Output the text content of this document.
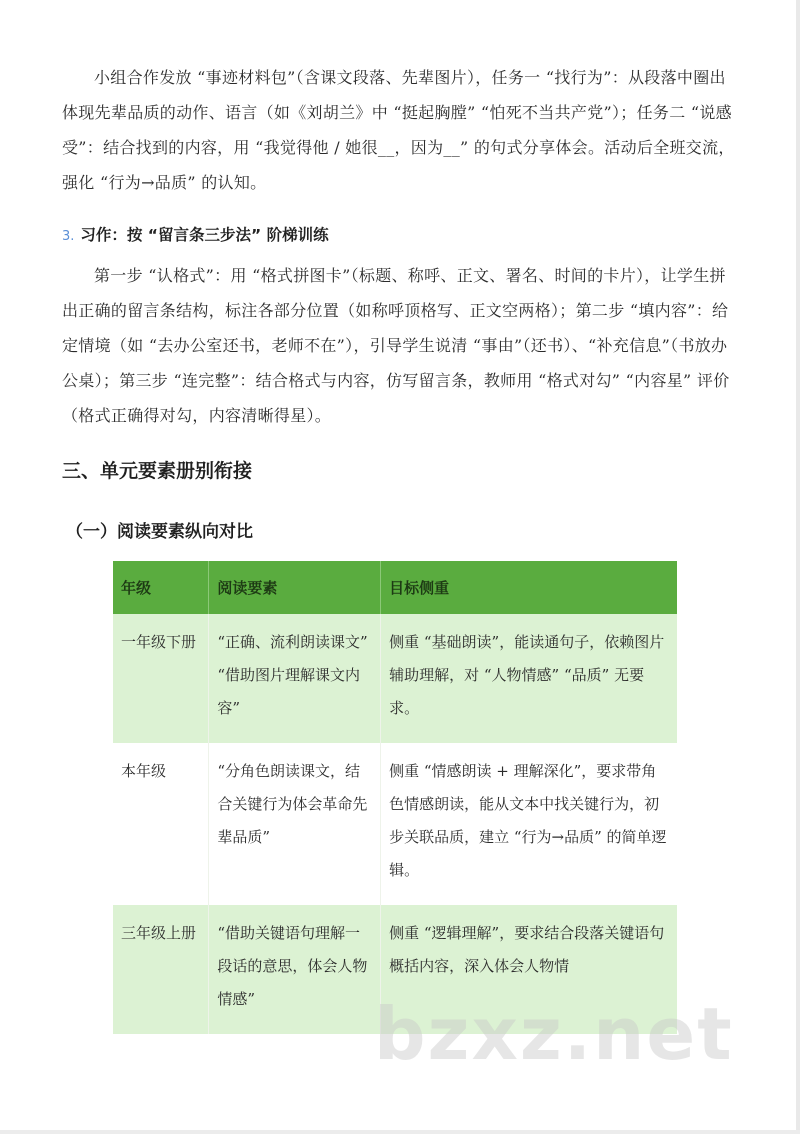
小组合作发放 “事迹材料包”（含课文段落、先辈图片），任务一 “找行为”：从段落中圈出体现先辈品质的动作、语言（如《刘胡兰》中 “挺起胸膛” “怕死不当共产党”）；任务二 “说感受”：结合找到的内容，用 “我觉得他 / 她很__，因为__” 的句式分享体会。活动后全班交流，强化 “行为→品质” 的认知。

3. 习作：按 “留言条三步法” 阶梯训练

第一步 “认格式”：用 “格式拼图卡”（标题、称呼、正文、署名、时间的卡片），让学生拼出正确的留言条结构，标注各部分位置（如称呼顶格写、正文空两格）；第二步 “填内容”：给定情境（如 “去办公室还书，老师不在”），引导学生说清 “事由”（还书）、“补充信息”（书放办公桌）；第三步 “连完整”：结合格式与内容，仿写留言条，教师用 “格式对勾” “内容星” 评价（格式正确得对勾，内容清晰得星）。

三、单元要素册别衔接
（一）阅读要素纵向对比
年级	阅读要素	目标侧重
一年级下册	“正确、流利朗读课文” “借助图片理解课文内容”	侧重 “基础朗读”，能读通句子，依赖图片辅助理解，对 “人物情感” “品质” 无要求。
本年级	“分角色朗读课文，结合关键行为体会革命先辈品质”	侧重 “情感朗读 + 理解深化”，要求带角色情感朗读，能从文本中找关键行为，初步关联品质，建立 “行为→品质” 的简单逻辑。
三年级上册	“借助关键语句理解一段话的意思，体会人物情感”	侧重 “逻辑理解”，要求结合段落关键语句概括内容，深入体会人物情
bzxz.net
